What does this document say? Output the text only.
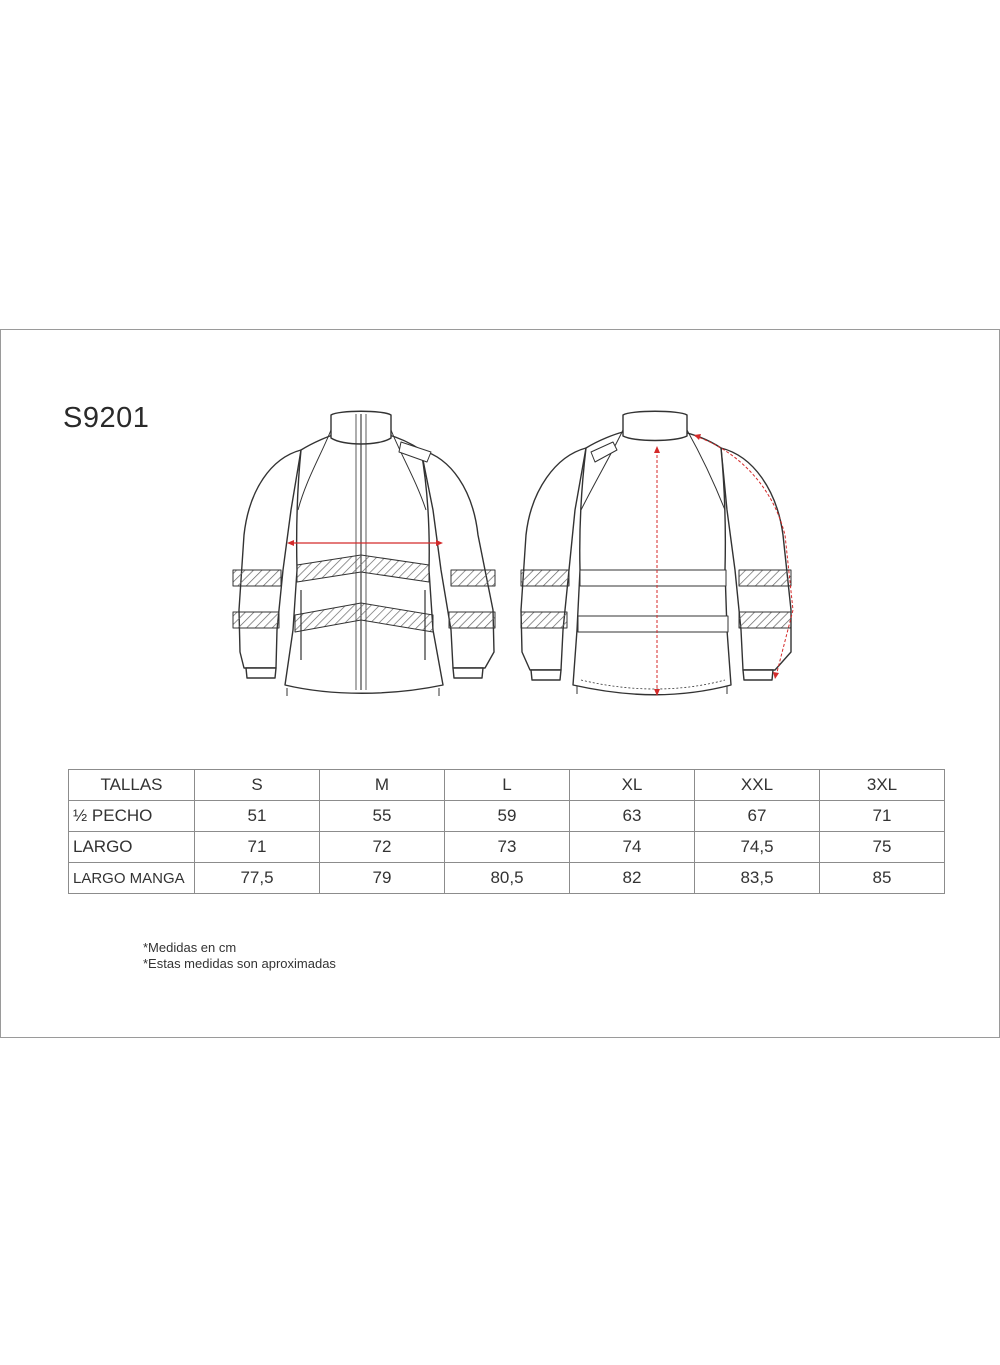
S9201
TALLAS	S	M	L	XL	XXL	3XL
½ PECHO	51	55	59	63	67	71
LARGO	71	72	73	74	74,5	75
LARGO MANGA	77,5	79	80,5	82	83,5	85
*Medidas en cm
*Estas medidas son aproximadas
